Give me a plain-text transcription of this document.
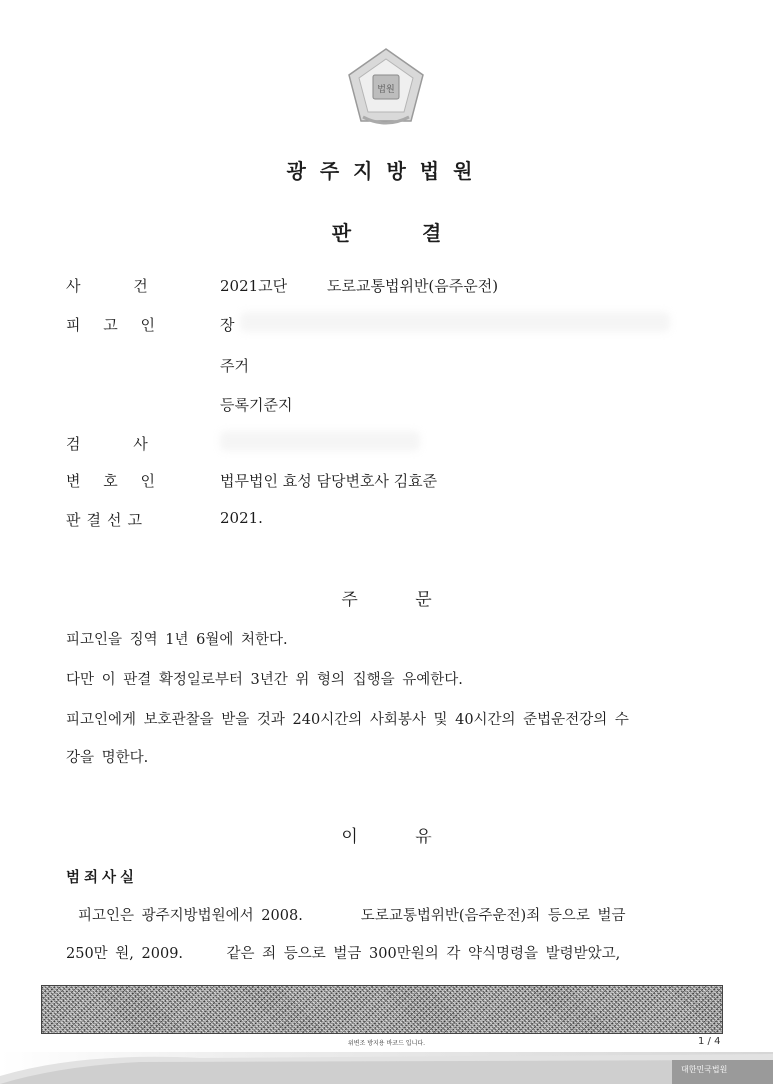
법원
광주지방법원
판 결
사 건	2021고단	도로교통법위반(음주운전)
피 고 인	장
주거
등록기준지
검 사
변 호 인	법무법인 효성 담당변호사 김효준
판결선고	2021.
주 문
피고인을 징역 1년 6월에 처한다.
다만 이 판결 확정일로부터 3년간 위 형의 집행을 유예한다.
피고인에게 보호관찰을 받을 것과 240시간의 사회봉사 및 40시간의 준법운전강의 수
강을 명한다.
이 유
범죄사실
피고인은 광주지방법원에서 2008.　　　　도로교통법위반(음주운전)죄 등으로 벌금
250만 원, 2009.　　　같은 죄 등으로 벌금 300만원의 각 약식명령을 발령받았고,
위변조 방지용 바코드 입니다.	1 / 4
대한민국법원
